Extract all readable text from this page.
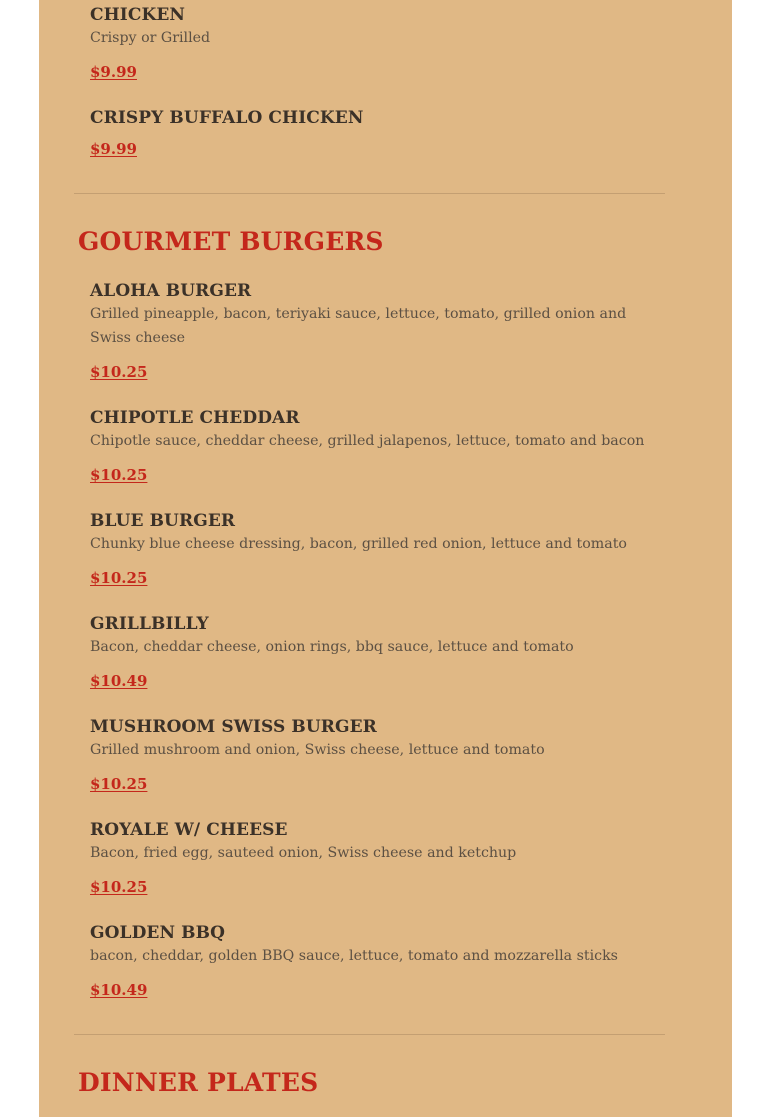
CHICKEN
Crispy or Grilled
$9.99
CRISPY BUFFALO CHICKEN
$9.99
GOURMET BURGERS
ALOHA BURGER
Grilled pineapple, bacon, teriyaki sauce, lettuce, tomato, grilled onion and Swiss cheese
$10.25
CHIPOTLE CHEDDAR
Chipotle sauce, cheddar cheese, grilled jalapenos, lettuce, tomato and bacon
$10.25
BLUE BURGER
Chunky blue cheese dressing, bacon, grilled red onion, lettuce and tomato
$10.25
GRILLBILLY
Bacon, cheddar cheese, onion rings, bbq sauce, lettuce and tomato
$10.49
MUSHROOM SWISS BURGER
Grilled mushroom and onion, Swiss cheese, lettuce and tomato
$10.25
ROYALE W/ CHEESE
Bacon, fried egg, sauteed onion, Swiss cheese and ketchup
$10.25
GOLDEN BBQ
bacon, cheddar, golden BBQ sauce, lettuce, tomato and mozzarella sticks
$10.49
DINNER PLATES
